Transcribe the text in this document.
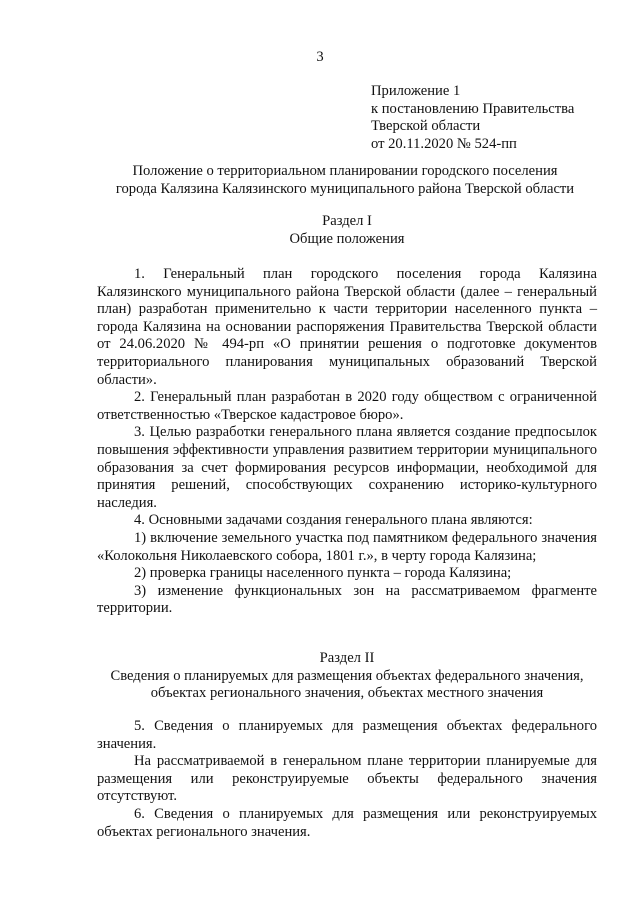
3
Приложение 1
к постановлению Правительства
Тверской области
от 20.11.2020 № 524-пп
Положение о территориальном планировании городского поселения
города Калязина Калязинского муниципального района Тверской области
Раздел I
Общие положения

1. Генеральный план городского поселения города Калязина Калязинского муниципального района Тверской области (далее – генеральный план) разработан применительно к части территории населенного пункта – города Калязина на основании распоряжения Правительства Тверской области от 24.06.2020 № 494-рп «О принятии решения о подготовке документов территориального планирования муниципальных образований Тверской области».

2. Генеральный план разработан в 2020 году обществом с ограниченной ответственностью «Тверское кадастровое бюро».

3. Целью разработки генерального плана является создание предпосылок повышения эффективности управления развитием территории муниципального образования за счет формирования ресурсов информации, необходимой для принятия решений, способствующих сохранению историко-культурного наследия.

4. Основными задачами создания генерального плана являются:

1) включение земельного участка под памятником федерального значения «Колокольня Николаевского собора, 1801 г.», в черту города Калязина;

2) проверка границы населенного пункта – города Калязина;

3) изменение функциональных зон на рассматриваемом фрагменте территории.

Раздел II
Сведения о планируемых для размещения объектах федерального значения,
объектах регионального значения, объектах местного значения

5. Сведения о планируемых для размещения объектах федерального значения.

На рассматриваемой в генеральном плане территории планируемые для размещения или реконструируемые объекты федерального значения отсутствуют.

6. Сведения о планируемых для размещения или реконструируемых объектах регионального значения.
